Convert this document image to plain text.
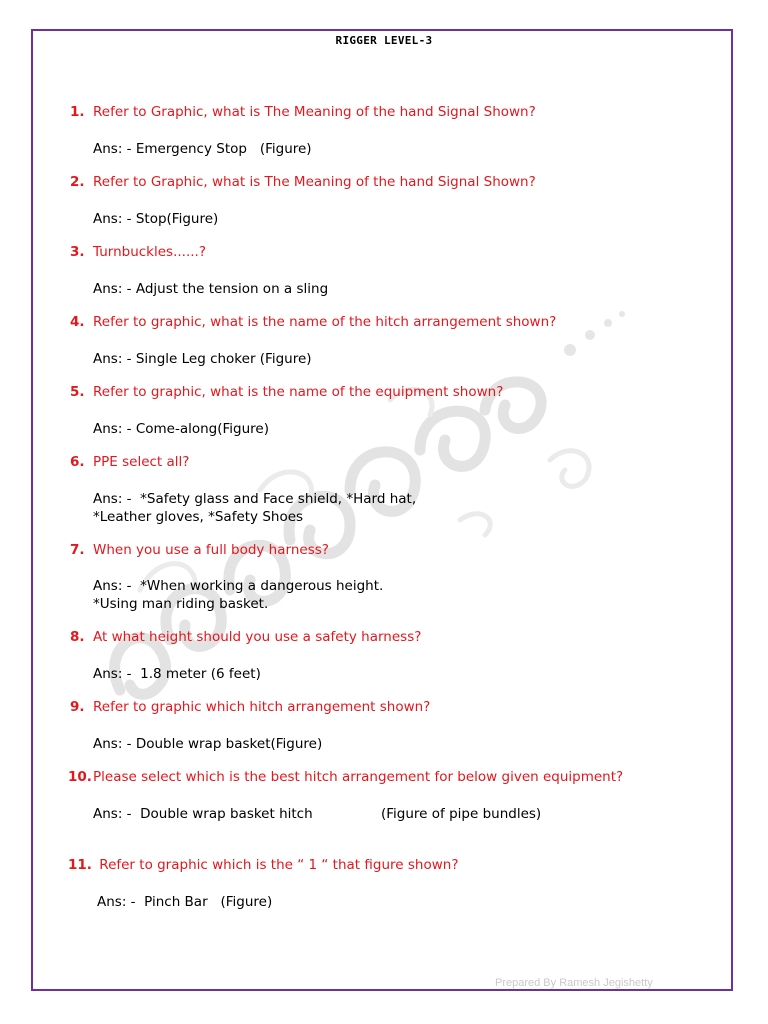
RIGGER LEVEL-3
1. Refer to Graphic, what is The Meaning of the hand Signal Shown?
Ans: - Emergency Stop   (Figure)
2. Refer to Graphic, what is The Meaning of the hand Signal Shown?
Ans: - Stop(Figure)
3. Turnbuckles......?
Ans: - Adjust the tension on a sling
4. Refer to graphic, what is the name of the hitch arrangement shown?
Ans: - Single Leg choker (Figure)
5. Refer to graphic, what is the name of the equipment shown?
Ans: - Come-along(Figure)
6. PPE select all?
Ans: -  *Safety glass and Face shield, *Hard hat,
*Leather gloves, *Safety Shoes
7. When you use a full body harness?
Ans: -  *When working a dangerous height.
*Using man riding basket.
8. At what height should you use a safety harness?
Ans: -  1.8 meter (6 feet)
9. Refer to graphic which hitch arrangement shown?
Ans: - Double wrap basket(Figure)
10.Please select which is the best hitch arrangement for below given equipment?
Ans: -  Double wrap basket hitch	(Figure of pipe bundles)
11. Refer to graphic which is the “ 1 “ that figure shown?
Ans: -  Pinch Bar   (Figure)
Prepared By Ramesh Jegishetty
